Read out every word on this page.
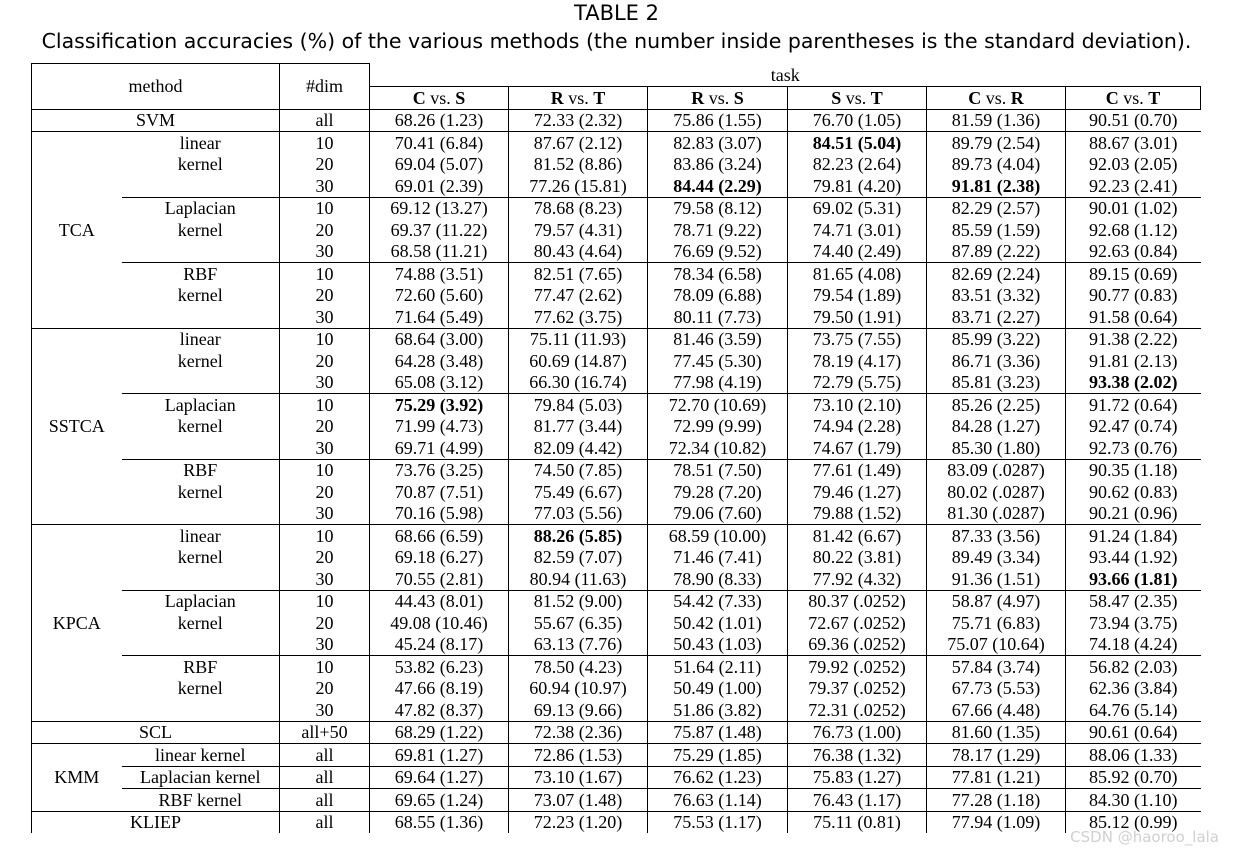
TABLE 2
Classification accuracies (%) of the various methods (the number inside parentheses is the standard deviation).
method		#dim	task					
			C vs. S	R vs. T	R vs. S	S vs. T	C vs. R	C vs. T
SVM		all	68.26 (1.23)	72.33 (2.32)	75.86 (1.55)	76.70 (1.05)	81.59 (1.36)	90.51 (0.70)
TCA	linear	10	70.41 (6.84)	87.67 (2.12)	82.83 (3.07)	84.51 (5.04)	89.79 (2.54)	88.67 (3.01)
	kernel	20	69.04 (5.07)	81.52 (8.86)	83.86 (3.24)	82.23 (2.64)	89.73 (4.04)	92.03 (2.05)
		30	69.01 (2.39)	77.26 (15.81)	84.44 (2.29)	79.81 (4.20)	91.81 (2.38)	92.23 (2.41)
	Laplacian	10	69.12 (13.27)	78.68 (8.23)	79.58 (8.12)	69.02 (5.31)	82.29 (2.57)	90.01 (1.02)
	kernel	20	69.37 (11.22)	79.57 (4.31)	78.71 (9.22)	74.71 (3.01)	85.59 (1.59)	92.68 (1.12)
		30	68.58 (11.21)	80.43 (4.64)	76.69 (9.52)	74.40 (2.49)	87.89 (2.22)	92.63 (0.84)
	RBF	10	74.88 (3.51)	82.51 (7.65)	78.34 (6.58)	81.65 (4.08)	82.69 (2.24)	89.15 (0.69)
	kernel	20	72.60 (5.60)	77.47 (2.62)	78.09 (6.88)	79.54 (1.89)	83.51 (3.32)	90.77 (0.83)
		30	71.64 (5.49)	77.62 (3.75)	80.11 (7.73)	79.50 (1.91)	83.71 (2.27)	91.58 (0.64)
SSTCA	linear	10	68.64 (3.00)	75.11 (11.93)	81.46 (3.59)	73.75 (7.55)	85.99 (3.22)	91.38 (2.22)
	kernel	20	64.28 (3.48)	60.69 (14.87)	77.45 (5.30)	78.19 (4.17)	86.71 (3.36)	91.81 (2.13)
		30	65.08 (3.12)	66.30 (16.74)	77.98 (4.19)	72.79 (5.75)	85.81 (3.23)	93.38 (2.02)
	Laplacian	10	75.29 (3.92)	79.84 (5.03)	72.70 (10.69)	73.10 (2.10)	85.26 (2.25)	91.72 (0.64)
	kernel	20	71.99 (4.73)	81.77 (3.44)	72.99 (9.99)	74.94 (2.28)	84.28 (1.27)	92.47 (0.74)
		30	69.71 (4.99)	82.09 (4.42)	72.34 (10.82)	74.67 (1.79)	85.30 (1.80)	92.73 (0.76)
	RBF	10	73.76 (3.25)	74.50 (7.85)	78.51 (7.50)	77.61 (1.49)	83.09 (.0287)	90.35 (1.18)
	kernel	20	70.87 (7.51)	75.49 (6.67)	79.28 (7.20)	79.46 (1.27)	80.02 (.0287)	90.62 (0.83)
		30	70.16 (5.98)	77.03 (5.56)	79.06 (7.60)	79.88 (1.52)	81.30 (.0287)	90.21 (0.96)
KPCA	linear	10	68.66 (6.59)	88.26 (5.85)	68.59 (10.00)	81.42 (6.67)	87.33 (3.56)	91.24 (1.84)
	kernel	20	69.18 (6.27)	82.59 (7.07)	71.46 (7.41)	80.22 (3.81)	89.49 (3.34)	93.44 (1.92)
		30	70.55 (2.81)	80.94 (11.63)	78.90 (8.33)	77.92 (4.32)	91.36 (1.51)	93.66 (1.81)
	Laplacian	10	44.43 (8.01)	81.52 (9.00)	54.42 (7.33)	80.37 (.0252)	58.87 (4.97)	58.47 (2.35)
	kernel	20	49.08 (10.46)	55.67 (6.35)	50.42 (1.01)	72.67 (.0252)	75.71 (6.83)	73.94 (3.75)
		30	45.24 (8.17)	63.13 (7.76)	50.43 (1.03)	69.36 (.0252)	75.07 (10.64)	74.18 (4.24)
	RBF	10	53.82 (6.23)	78.50 (4.23)	51.64 (2.11)	79.92 (.0252)	57.84 (3.74)	56.82 (2.03)
	kernel	20	47.66 (8.19)	60.94 (10.97)	50.49 (1.00)	79.37 (.0252)	67.73 (5.53)	62.36 (3.84)
		30	47.82 (8.37)	69.13 (9.66)	51.86 (3.82)	72.31 (.0252)	67.66 (4.48)	64.76 (5.14)
SCL		all+50	68.29 (1.22)	72.38 (2.36)	75.87 (1.48)	76.73 (1.00)	81.60 (1.35)	90.61 (0.64)
KMM	linear kernel	all	69.81 (1.27)	72.86 (1.53)	75.29 (1.85)	76.38 (1.32)	78.17 (1.29)	88.06 (1.33)
	Laplacian kernel	all	69.64 (1.27)	73.10 (1.67)	76.62 (1.23)	75.83 (1.27)	77.81 (1.21)	85.92 (0.70)
	RBF kernel	all	69.65 (1.24)	73.07 (1.48)	76.63 (1.14)	76.43 (1.17)	77.28 (1.18)	84.30 (1.10)
KLIEP		all	68.55 (1.36)	72.23 (1.20)	75.53 (1.17)	75.11 (0.81)	77.94 (1.09)	85.12 (0.99)
CSDN @haoroo_lala
